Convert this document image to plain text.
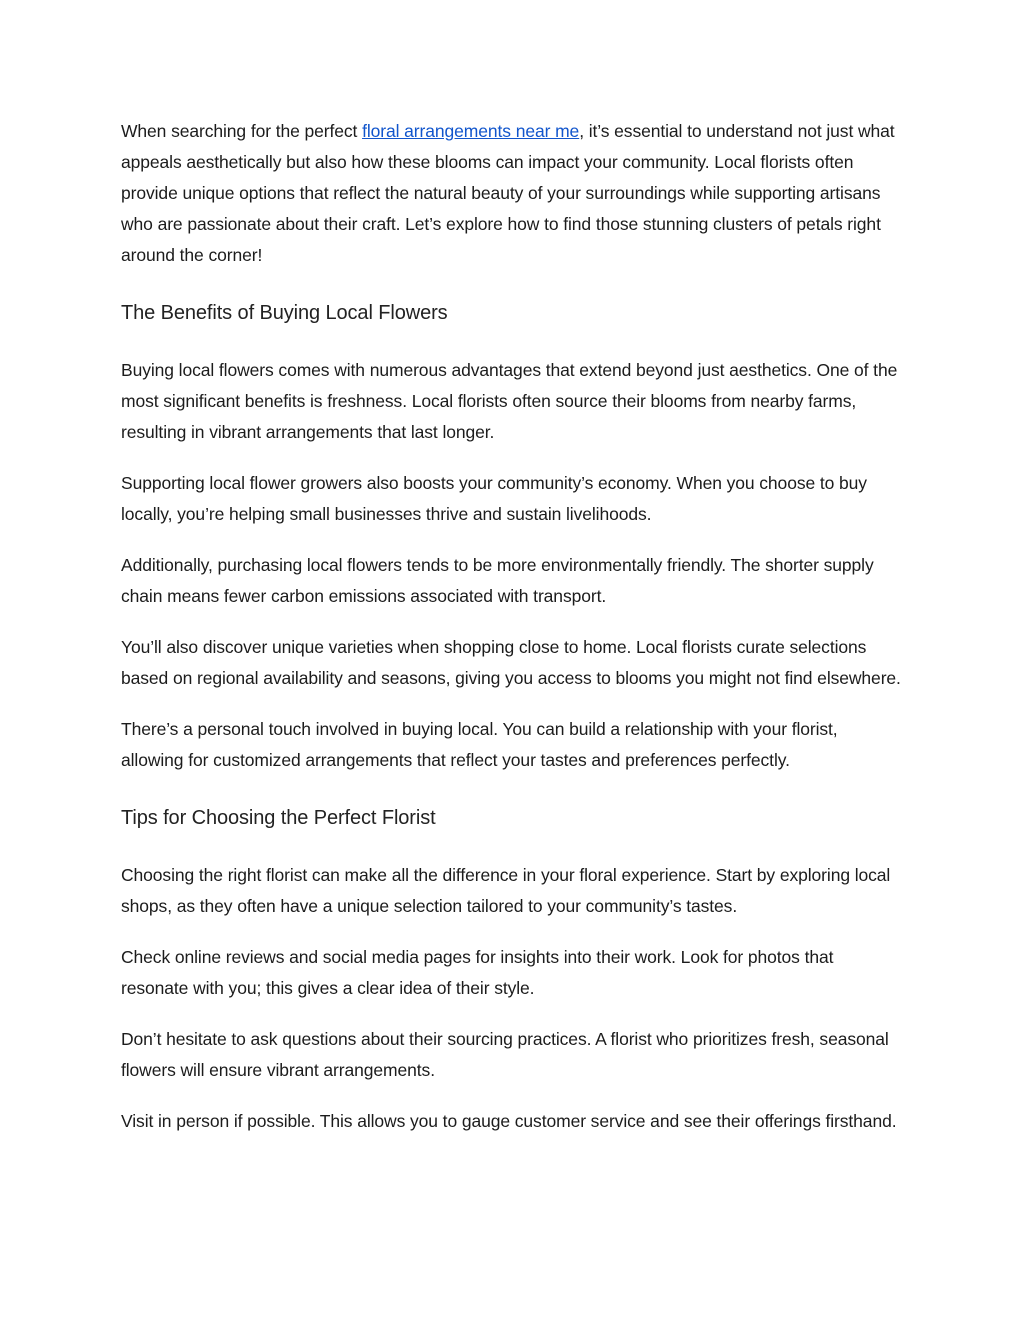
When searching for the perfect floral arrangements near me, it’s essential to understand not just what appeals aesthetically but also how these blooms can impact your community. Local florists often provide unique options that reflect the natural beauty of your surroundings while supporting artisans who are passionate about their craft. Let’s explore how to find those stunning clusters of petals right around the corner!

The Benefits of Buying Local Flowers

Buying local flowers comes with numerous advantages that extend beyond just aesthetics. One of the most significant benefits is freshness. Local florists often source their blooms from nearby farms, resulting in vibrant arrangements that last longer.

Supporting local flower growers also boosts your community’s economy. When you choose to buy locally, you’re helping small businesses thrive and sustain livelihoods.

Additionally, purchasing local flowers tends to be more environmentally friendly. The shorter supply chain means fewer carbon emissions associated with transport.

You’ll also discover unique varieties when shopping close to home. Local florists curate selections based on regional availability and seasons, giving you access to blooms you might not find elsewhere.

There’s a personal touch involved in buying local. You can build a relationship with your florist, allowing for customized arrangements that reflect your tastes and preferences perfectly.

Tips for Choosing the Perfect Florist

Choosing the right florist can make all the difference in your floral experience. Start by exploring local shops, as they often have a unique selection tailored to your community’s tastes.

Check online reviews and social media pages for insights into their work. Look for photos that resonate with you; this gives a clear idea of their style.

Don’t hesitate to ask questions about their sourcing practices. A florist who prioritizes fresh, seasonal flowers will ensure vibrant arrangements.

Visit in person if possible. This allows you to gauge customer service and see their offerings firsthand.
